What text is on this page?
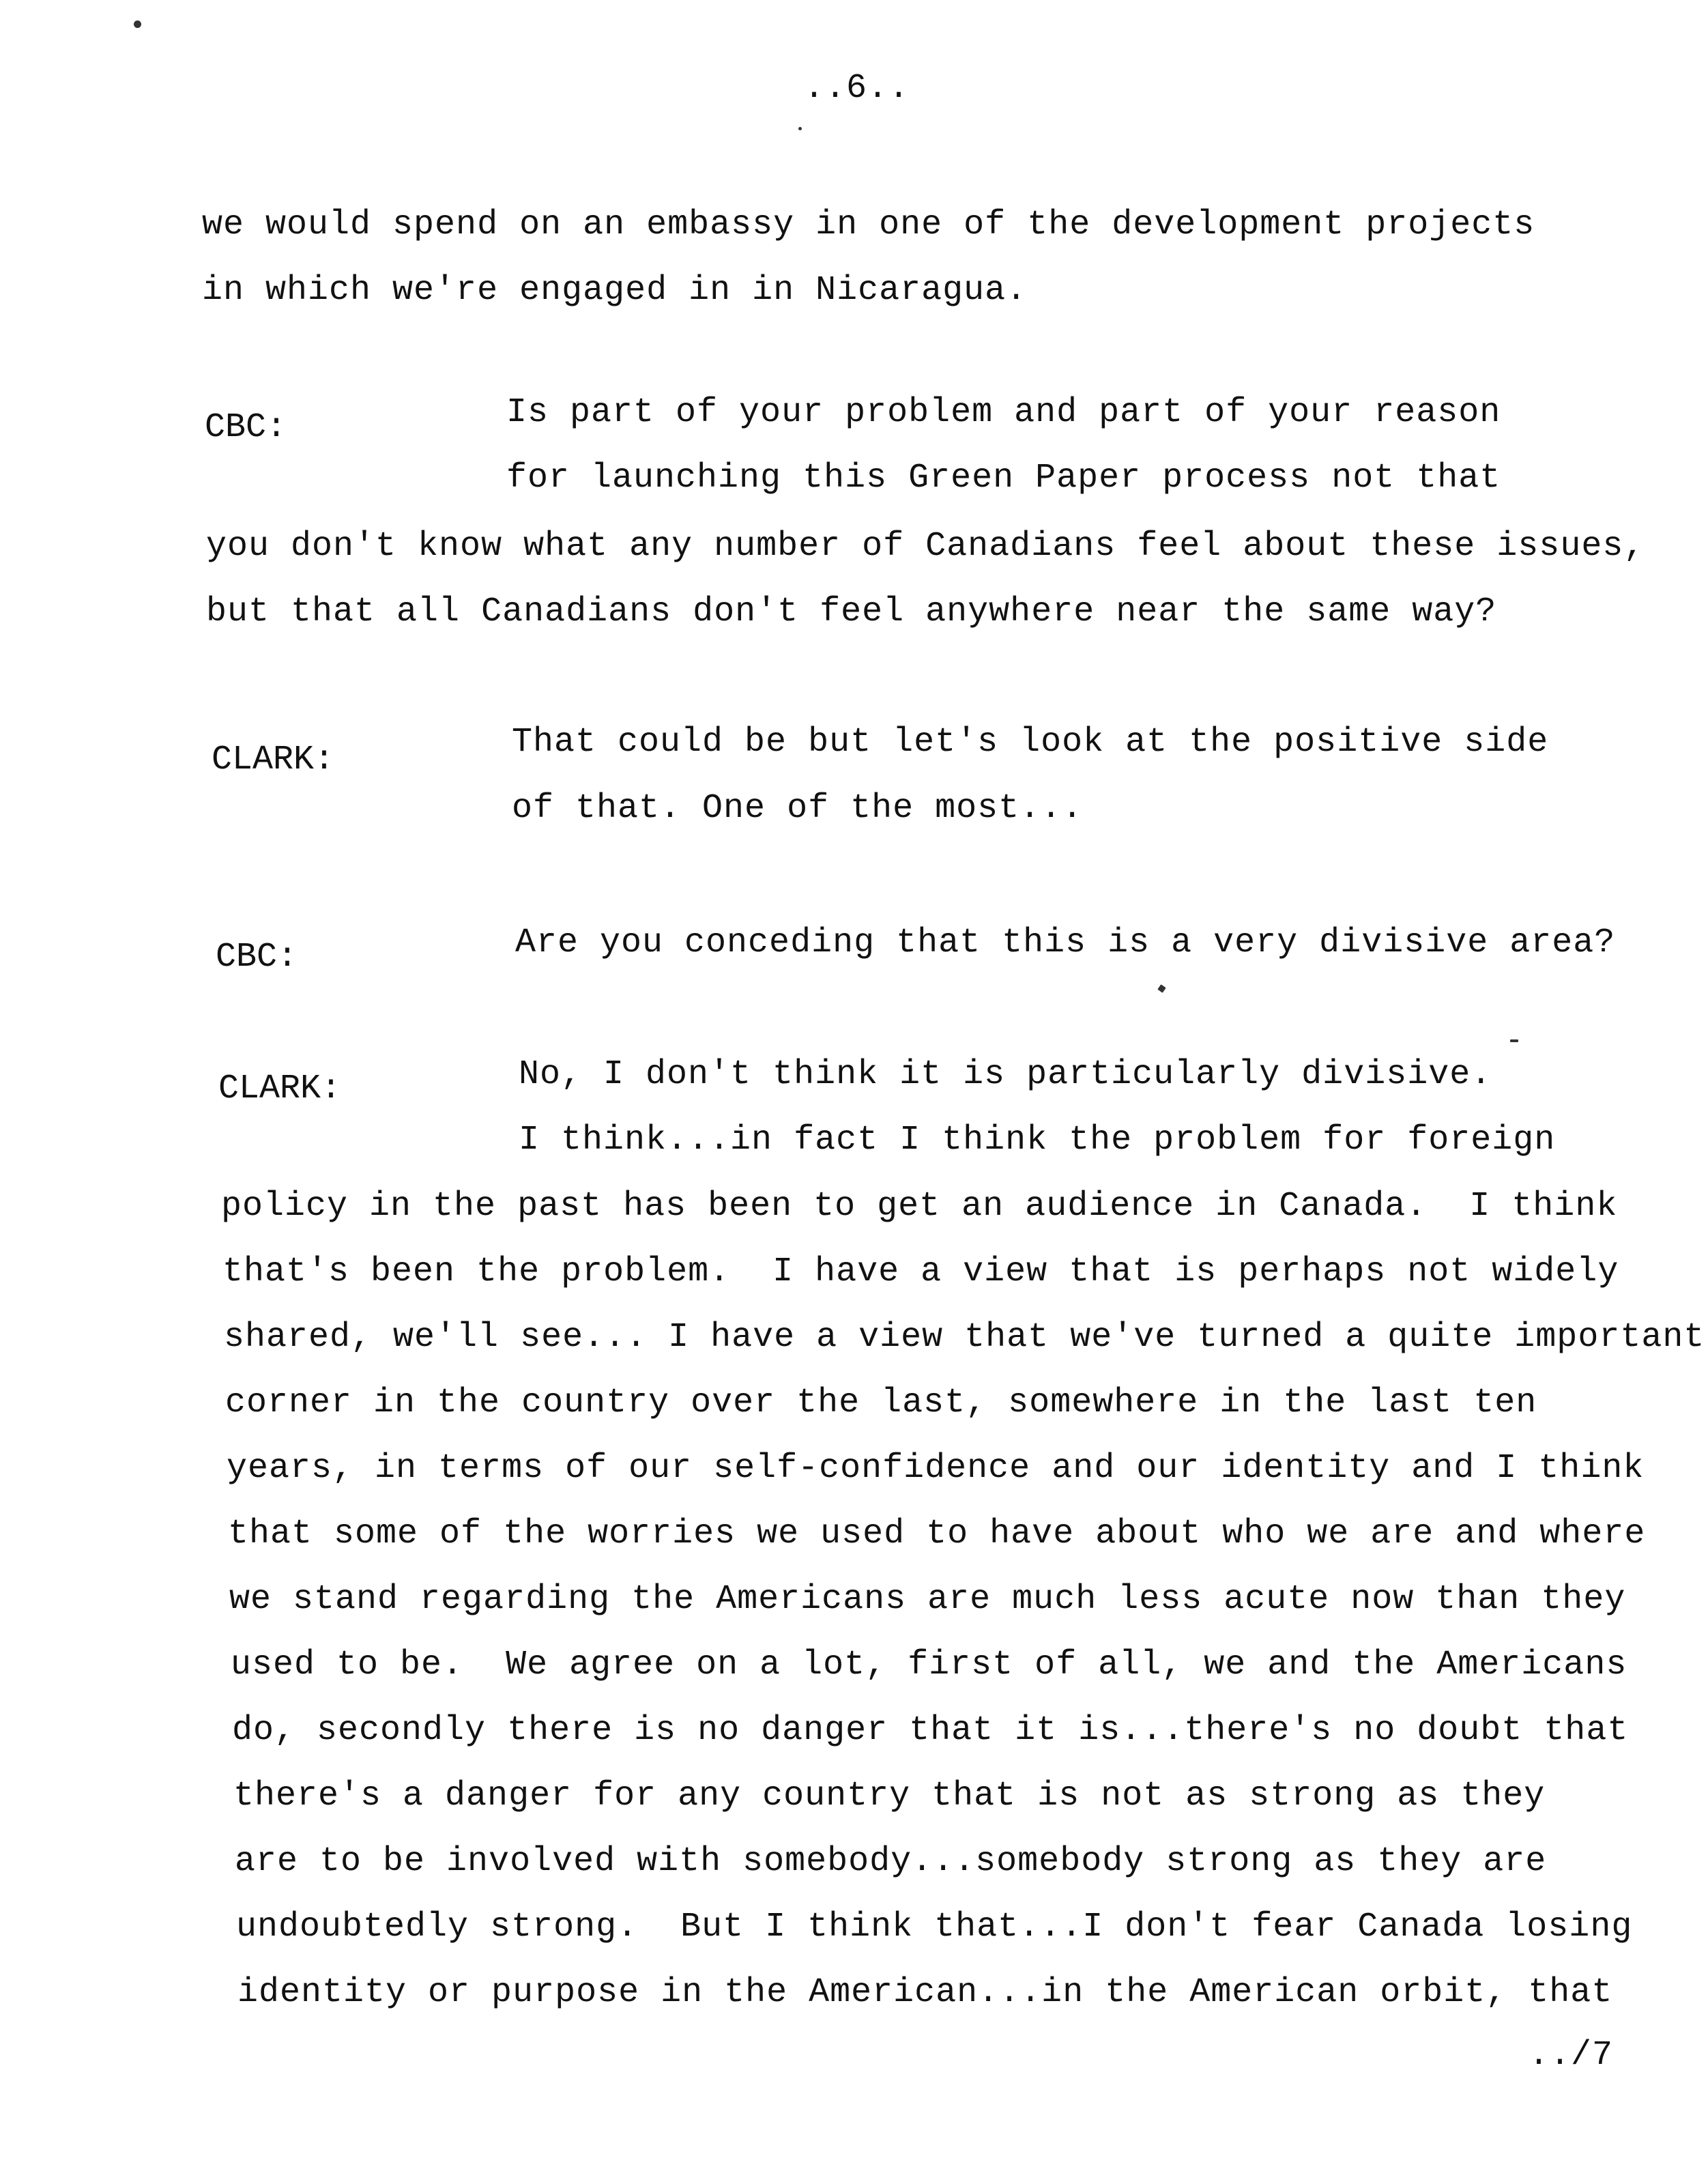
..6..
we would spend on an embassy in one of the development projects
in which we're engaged in in Nicaragua.
CBC:	Is part of your problem and part of your reason
for launching this Green Paper process not that
you don't know what any number of Canadians feel about these issues,
but that all Canadians don't feel anywhere near the same way?
CLARK:	That could be but let's look at the positive side
of that. One of the most...
CBC:	Are you conceding that this is a very divisive area?
CLARK:	No, I don't think it is particularly divisive.
I think...in fact I think the problem for foreign
policy in the past has been to get an audience in Canada.  I think
that's been the problem.  I have a view that is perhaps not widely
shared, we'll see... I have a view that we've turned a quite important
corner in the country over the last, somewhere in the last ten
years, in terms of our self-confidence and our identity and I think
that some of the worries we used to have about who we are and where
we stand regarding the Americans are much less acute now than they
used to be.  We agree on a lot, first of all, we and the Americans
do, secondly there is no danger that it is...there's no doubt that
there's a danger for any country that is not as strong as they
are to be involved with somebody...somebody strong as they are
undoubtedly strong.  But I think that...I don't fear Canada losing
identity or purpose in the American...in the American orbit, that
../7
